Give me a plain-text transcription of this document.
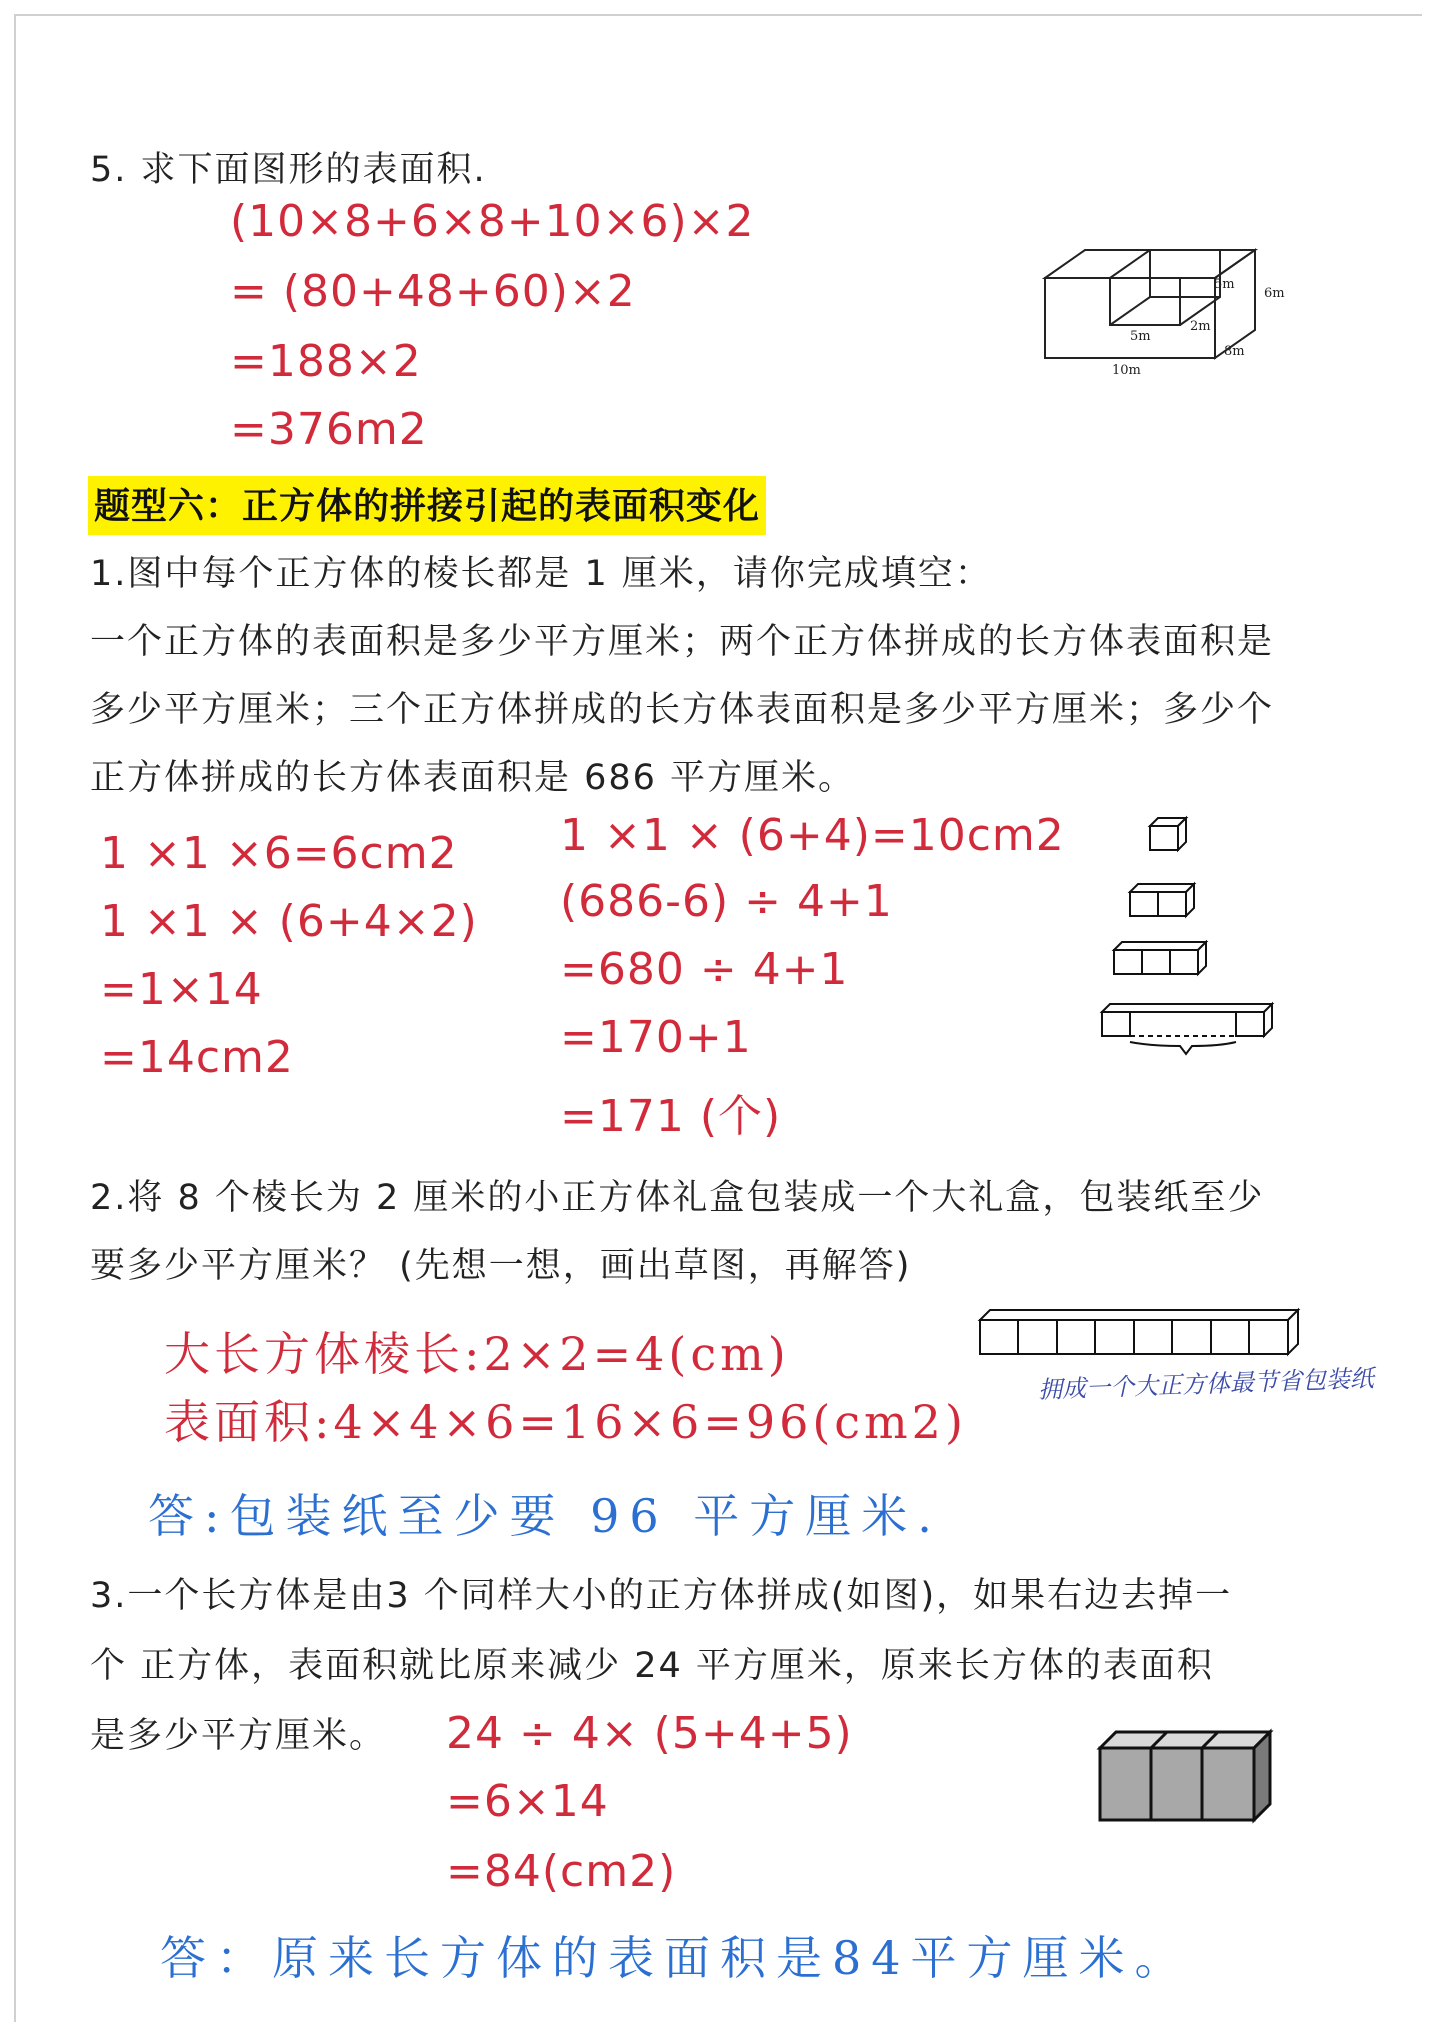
5. 求下面图形的表面积.
(10×8+6×8+10×6)×2
= (80+48+60)×2
=188×2
=376m2
5m
6m
5m
2m
8m
10m
题型六：正方体的拼接引起的表面积变化
1.图中每个正方体的棱长都是 1 厘米，请你完成填空：
一个正方体的表面积是多少平方厘米；两个正方体拼成的长方体表面积是
多少平方厘米；三个正方体拼成的长方体表面积是多少平方厘米；多少个
正方体拼成的长方体表面积是 686 平方厘米。
1 ×1 ×6=6cm2
1 ×1 × (6+4×2)
=1×14
=14cm2
1 ×1 × (6+4)=10cm2
(686-6) ÷ 4+1
=680 ÷ 4+1
=170+1
=171 (个)
2.将 8 个棱长为 2 厘米的小正方体礼盒包装成一个大礼盒，包装纸至少
要多少平方厘米？ (先想一想，画出草图，再解答)
大长方体棱长:2×2=4(cm)
表面积:4×4×6=16×6=96(cm2)
答:包装纸至少要 96 平方厘米.
拥成一个大正方体最节省包装纸
3.一个长方体是由3 个同样大小的正方体拼成(如图)，如果右边去掉一
个 正方体，表面积就比原来减少 24 平方厘米，原来长方体的表面积
是多少平方厘米。 24 ÷ 4× (5+4+5)
=6×14
=84(cm2)
答：原来长方体的表面积是84平方厘米。
